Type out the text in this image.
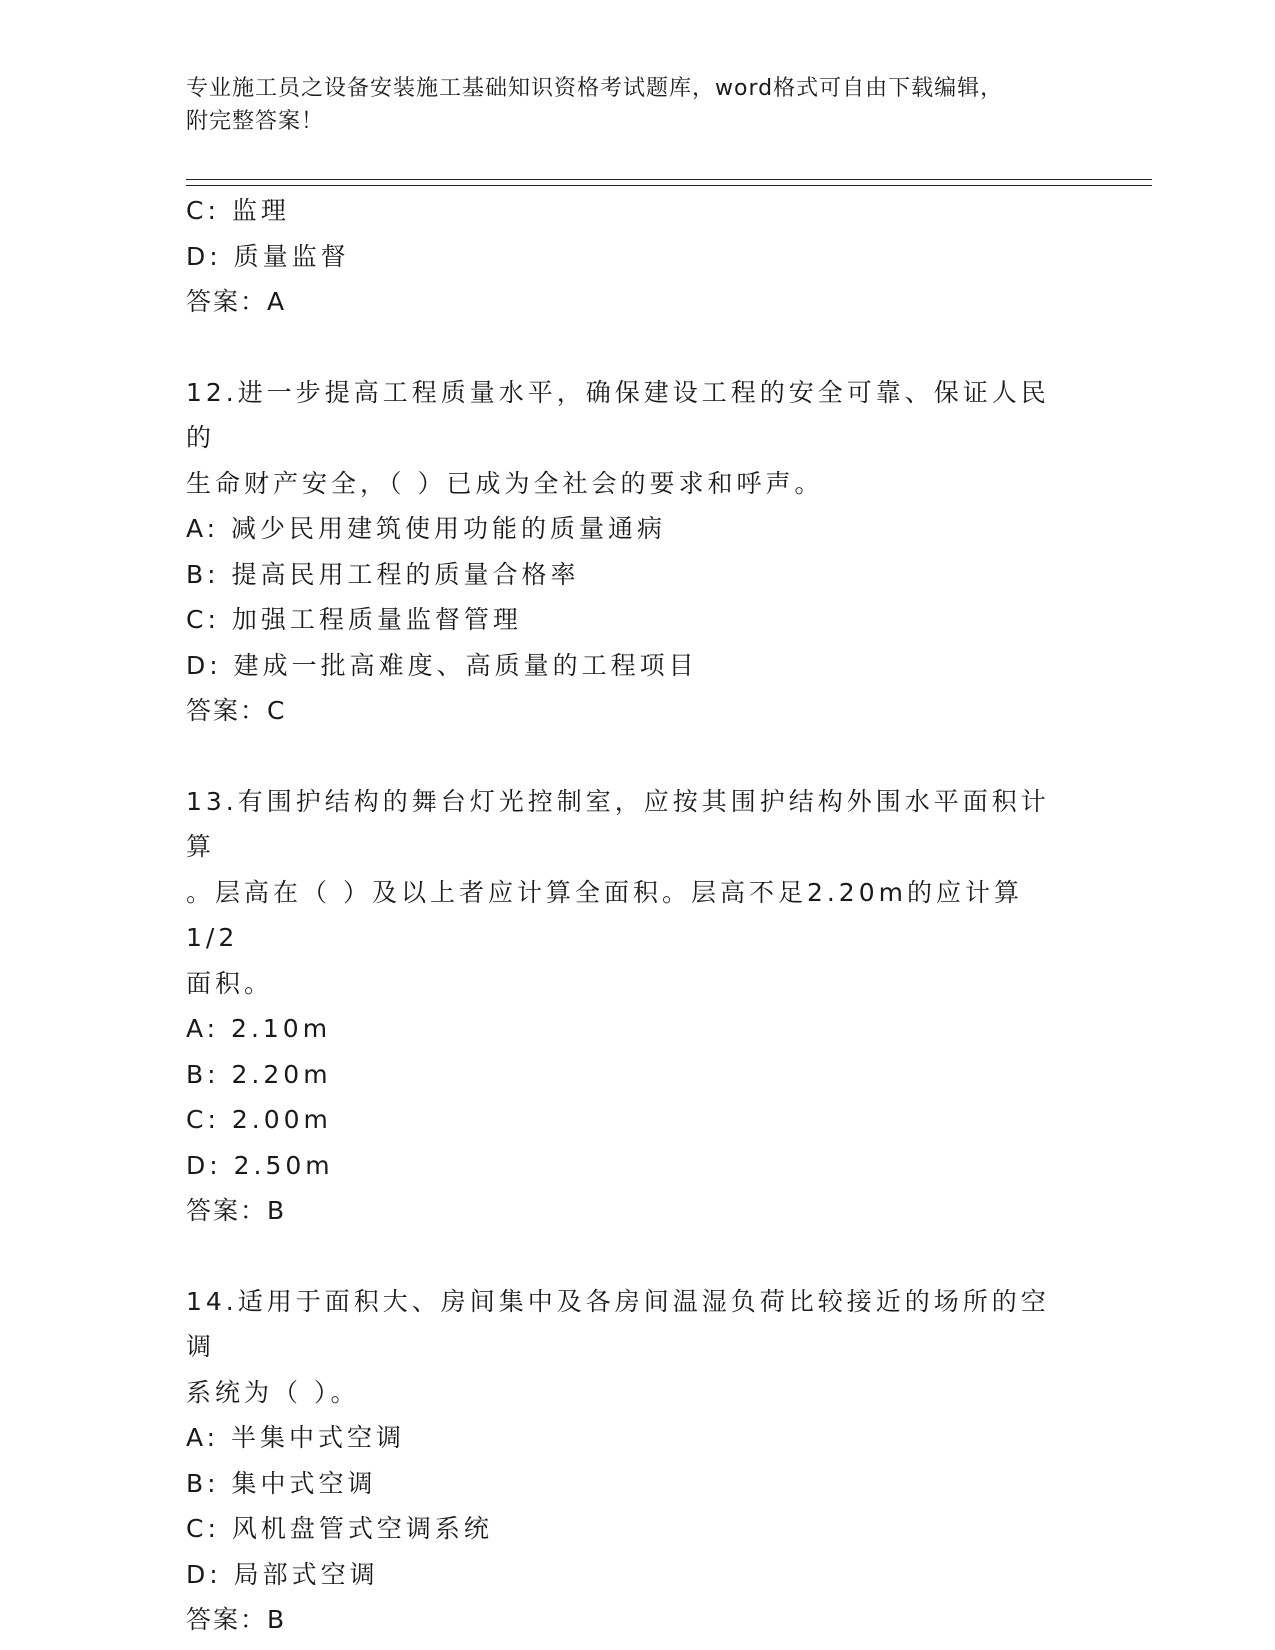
专业施工员之设备安装施工基础知识资格考试题库，word格式可自由下载编辑，
附完整答案！
C: 监理
D: 质量监督
答案：A
12.进一步提高工程质量水平，确保建设工程的安全可靠、保证人民的
生命财产安全，（ ）已成为全社会的要求和呼声。
A: 减少民用建筑使用功能的质量通病
B: 提高民用工程的质量合格率
C: 加强工程质量监督管理
D: 建成一批高难度、高质量的工程项目
答案：C
13.有围护结构的舞台灯光控制室，应按其围护结构外围水平面积计算
。层高在（ ）及以上者应计算全面积。层高不足2.20m的应计算1/2
面积。
A: 2.10m
B: 2.20m
C: 2.00m
D: 2.50m
答案：B
14.适用于面积大、房间集中及各房间温湿负荷比较接近的场所的空调
系统为（ ）。
A: 半集中式空调
B: 集中式空调
C: 风机盘管式空调系统
D: 局部式空调
答案：B
